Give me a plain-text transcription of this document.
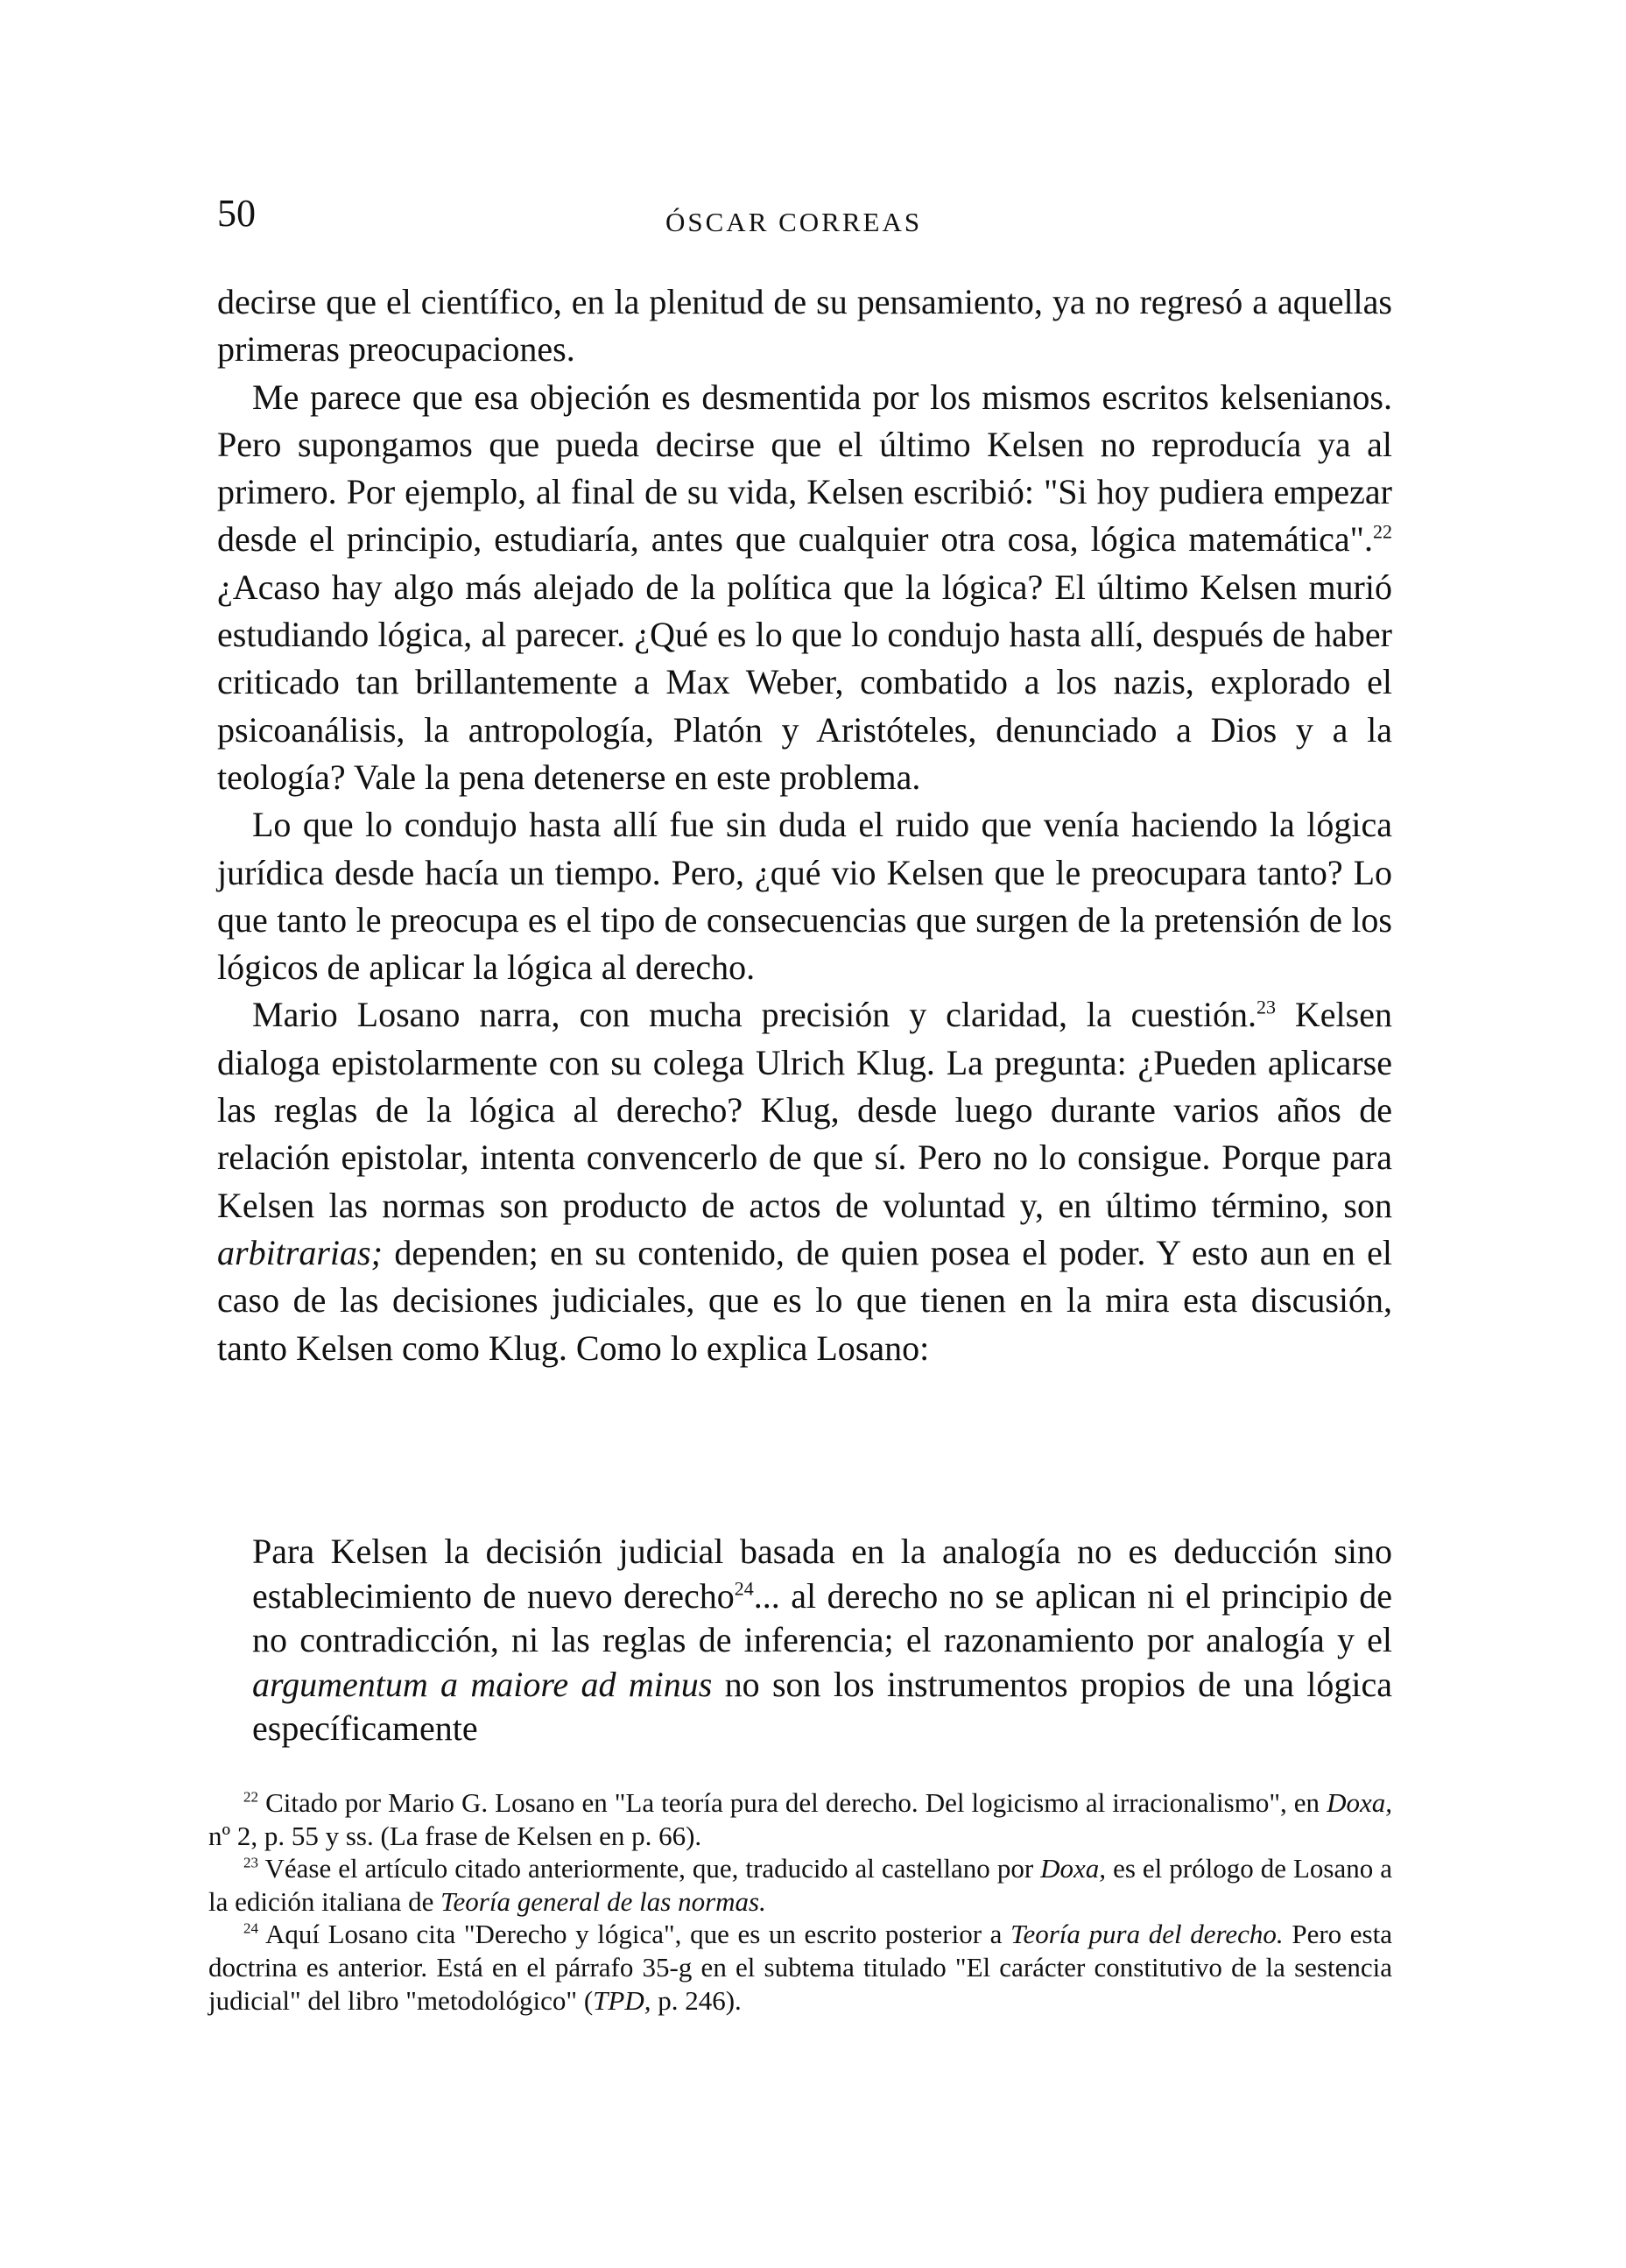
50	ÓSCAR CORREAS

decirse que el científico, en la plenitud de su pensamiento, ya no regresó a aquellas primeras preocupaciones.

Me parece que esa objeción es desmentida por los mismos escritos kelsenianos. Pero supongamos que pueda decirse que el último Kelsen no reproducía ya al primero. Por ejemplo, al final de su vida, Kelsen escribió: "Si hoy pudiera empezar desde el principio, estudiaría, antes que cualquier otra cosa, lógica matemática".$^{22}$ ¿Acaso hay algo más alejado de la política que la lógica? El último Kelsen murió estudiando lógica, al parecer. ¿Qué es lo que lo condujo hasta allí, después de haber criticado tan brillantemente a Max Weber, combatido a los nazis, explorado el psicoanálisis, la antropología, Platón y Aristóteles, denunciado a Dios y a la teología? Vale la pena detenerse en este problema.

Lo que lo condujo hasta allí fue sin duda el ruido que venía haciendo la lógica jurídica desde hacía un tiempo. Pero, ¿qué vio Kelsen que le preocupara tanto? Lo que tanto le preocupa es el tipo de consecuencias que surgen de la pretensión de los lógicos de aplicar la lógica al derecho.

Mario Losano narra, con mucha precisión y claridad, la cuestión.$^{23}$ Kelsen dialoga epistolarmente con su colega Ulrich Klug. La pregunta: ¿Pueden aplicarse las reglas de la lógica al derecho? Klug, desde luego durante varios años de relación epistolar, intenta convencerlo de que sí. Pero no lo consigue. Porque para Kelsen las normas son producto de actos de voluntad y, en último término, son arbitrarias; dependen; en su contenido, de quien posea el poder. Y esto aun en el caso de las decisiones judiciales, que es lo que tienen en la mira esta discusión, tanto Kelsen como Klug. Como lo explica Losano:

Para Kelsen la decisión judicial basada en la analogía no es deducción sino establecimiento de nuevo derecho$^{24}$... al derecho no se aplican ni el principio de no contradicción, ni las reglas de inferencia; el razonamiento por analogía y el argumentum a maiore ad minus no son los instrumentos propios de una lógica específicamente

$^{22}$ Citado por Mario G. Losano en "La teoría pura del derecho. Del logicismo al irracionalismo", en Doxa, nº 2, p. 55 y ss. (La frase de Kelsen en p. 66).

$^{23}$ Véase el artículo citado anteriormente, que, traducido al castellano por Doxa, es el prólogo de Losano a la edición italiana de Teoría general de las normas.

$^{24}$ Aquí Losano cita "Derecho y lógica", que es un escrito posterior a Teoría pura del derecho. Pero esta doctrina es anterior. Está en el párrafo 35-g en el subtema titulado "El carácter constitutivo de la sestencia judicial" del libro "metodológico" (TPD, p. 246).
